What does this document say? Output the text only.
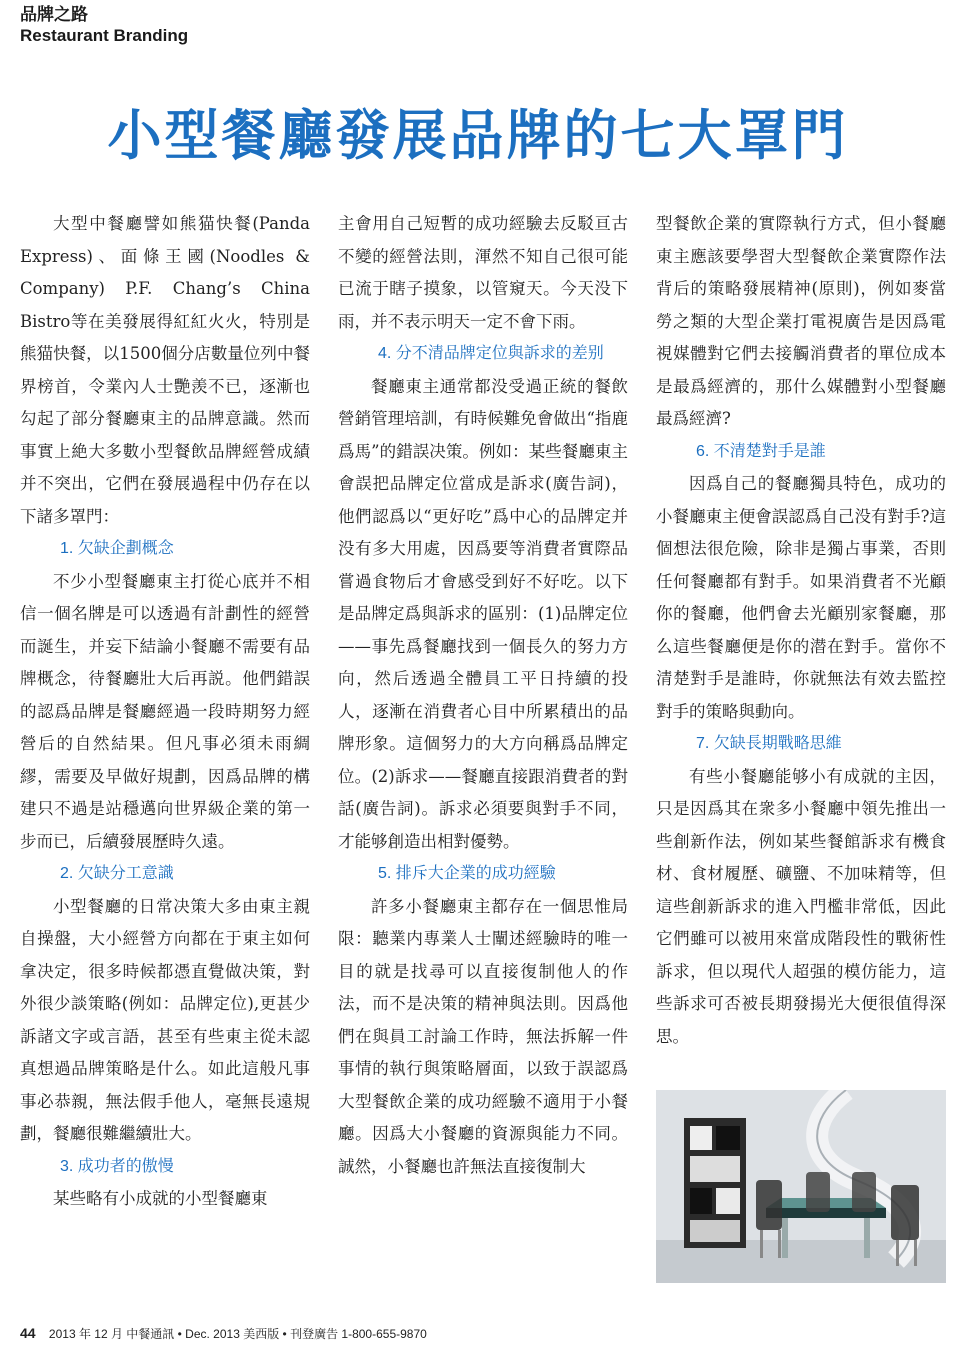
品牌之路
Restaurant Branding
小型餐廳發展品牌的七大罩門

大型中餐廳譬如熊猫快餐(Panda Express)、面條王國(Noodles & Company) P.F. Chang’s China Bistro等在美發展得紅紅火火，特別是熊猫快餐，以1500個分店數量位列中餐界榜首，令業內人士艷羡不已，逐漸也勾起了部分餐廳東主的品牌意識。然而事實上絶大多數小型餐飲品牌經營成績并不突出，它們在發展過程中仍存在以下諸多罩門：

1. 欠缺企劃概念

不少小型餐廳東主打從心底并不相信一個名牌是可以透過有計劃性的經營而誕生，并妄下結論小餐廳不需要有品牌概念，待餐廳壯大后再説。他們錯誤的認爲品牌是餐廳經過一段時期努力經營后的自然結果。但凡事必須未雨綢繆，需要及早做好規劃，因爲品牌的構建只不過是站穩邁向世界級企業的第一步而已，后續發展歷時久遠。

2. 欠缺分工意識

小型餐廳的日常决策大多由東主親自操盤，大小經營方向都在于東主如何拿决定，很多時候都憑直覺做决策，對外很少談策略(例如：品牌定位),更甚少訴諸文字或言語，甚至有些東主從未認真想過品牌策略是什么。如此這般凡事事必恭親，無法假手他人，毫無長遠規劃，餐廳很難繼續壯大。

3. 成功者的傲慢

某些略有小成就的小型餐廳東

主會用自己短暫的成功經驗去反駁亘古不變的經營法則，渾然不知自己很可能已流于瞎子摸象，以管窺天。今天没下雨，并不表示明天一定不會下雨。

4. 分不清品牌定位與訴求的差别

餐廳東主通常都没受過正統的餐飲營銷管理培訓，有時候難免會做出“指鹿爲馬”的錯誤决策。例如：某些餐廳東主會誤把品牌定位當成是訴求(廣告詞)，他們認爲以“更好吃”爲中心的品牌定并没有多大用處，因爲要等消費者實際品嘗過食物后才會感受到好不好吃。以下是品牌定爲與訴求的區别：(1)品牌定位——事先爲餐廳找到一個長久的努力方向，然后透過全體員工平日持續的投人，逐漸在消費者心目中所累積出的品牌形象。這個努力的大方向稱爲品牌定位。(2)訴求——餐廳直接跟消費者的對話(廣告詞)。訴求必須要與對手不同，才能够創造出相對優勢。

5. 排斥大企業的成功經驗

許多小餐廳東主都存在一個思惟局限：聽業内專業人士闡述經驗時的唯一目的就是找尋可以直接復制他人的作法，而不是决策的精神與法則。因爲他們在與員工討論工作時，無法拆解一件事情的執行與策略層面，以致于誤認爲大型餐飲企業的成功經驗不適用于小餐廳。因爲大小餐廳的資源與能力不同。誠然，小餐廳也許無法直接復制大

型餐飲企業的實際執行方式，但小餐廳東主應該要學習大型餐飲企業實際作法背后的策略發展精神(原則)，例如麥當勞之類的大型企業打電視廣告是因爲電視媒體對它們去接觸消費者的單位成本是最爲經濟的，那什么媒體對小型餐廳最爲經濟?

6. 不清楚對手是誰

因爲自己的餐廳獨具特色，成功的小餐廳東主便會誤認爲自己没有對手?這個想法很危險，除非是獨占事業，否則任何餐廳都有對手。如果消費者不光顧你的餐廳，他們會去光顧别家餐廳，那么這些餐廳便是你的潜在對手。當你不清楚對手是誰時，你就無法有效去監控對手的策略與動向。

7. 欠缺長期戰略思維

有些小餐廳能够小有成就的主因，只是因爲其在衆多小餐廳中領先推出一些創新作法，例如某些餐館訴求有機食材、食材履歷、礦鹽、不加味精等，但這些創新訴求的進入門檻非常低，因此它們雖可以被用來當成階段性的戰術性訴求，但以現代人超强的模仿能力，這些訴求可否被長期發揚光大便很值得深思。

44 2013 年 12 月 中餐通訊 • Dec. 2013 美西版 • 刊登廣告 1-800-655-9870
